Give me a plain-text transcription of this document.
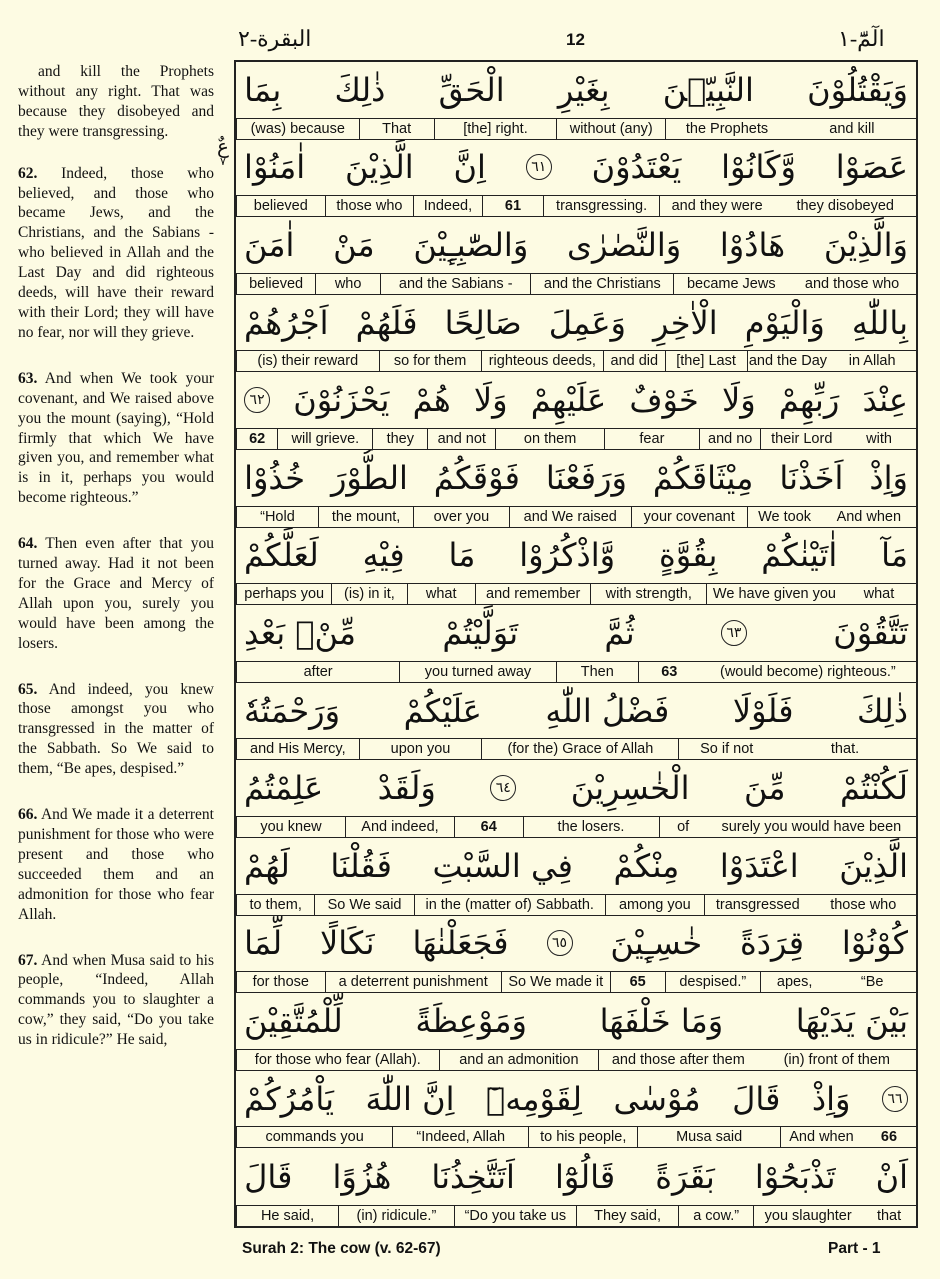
الٓمّٓ-١
12
البقرة-٢

and kill the Prophets without any right. That was because they disobeyed and they were transgressing.

62. Indeed, those who believed, and those who became Jews, and the Christians, and the Sabians - who believed in Allah and the Last Day and did righteous deeds, will have their reward with their Lord; they will have no fear, nor will they grieve.

63. And when We took your covenant, and We raised above you the mount (saying), “Hold firmly that which We have given you, and remember what is in it, perhaps you would become righteous.”

64. Then even after that you turned away. Had it not been for the Grace and Mercy of Allah upon you, surely you would have been among the losers.

65. And indeed, you knew those amongst you who transgressed in the matter of the Sabbath. So We said to them, “Be apes, despised.”

66. And We made it a deterrent punishment for those who were present and those who succeeded them and an admonition for those who fear Allah.

67. And when Musa said to his people, “Indeed, Allah commands you to slaughter a cow,” they said, “Do you take us in ridicule?” He said,

عٌ
٧
وَيَقْتُلُوْنَ
النَّبِيّٖنَ
بِغَيْرِ
الْحَقِّ
ذٰلِكَ
بِمَا
and kill
the Prophets
without (any)
[the] right.
That
(was) because
عَصَوْا
وَّكَانُوْا
يَعْتَدُوْنَ
٦١
اِنَّ
الَّذِيْنَ
اٰمَنُوْا
they disobeyed
and they were
transgressing.
61
Indeed,
those who
believed
وَالَّذِيْنَ
هَادُوْا
وَالنَّصٰرٰى
وَالصّٰبِـِٕيْنَ
مَنْ
اٰمَنَ
and those who
became Jews
and the Christians
and the Sabians -
who
believed
بِاللّٰهِ
وَالْيَوْمِ
الْاٰخِرِ
وَعَمِلَ
صَالِحًا
فَلَهُمْ
اَجْرُهُمْ
in Allah
and the Day
[the] Last
and did
righteous deeds,
so for them
(is) their reward
عِنْدَ
رَبِّهِمْ
وَلَا
خَوْفٌ
عَلَيْهِمْ
وَلَا
هُمْ
يَحْزَنُوْنَ
٦٢
with
their Lord
and no
fear
on them
and not
they
will grieve.
62
وَاِذْ
اَخَذْنَا
مِيْثَاقَكُمْ
وَرَفَعْنَا
فَوْقَكُمُ
الطُّوْرَ
خُذُوْا
And when
We took
your covenant
and We raised
over you
the mount,
“Hold
مَآ
اٰتَيْنٰكُمْ
بِقُوَّةٍ
وَّاذْكُرُوْا
مَا
فِيْهِ
لَعَلَّكُمْ
what
We have given you
with strength,
and remember
what
(is) in it,
perhaps you
تَتَّقُوْنَ
٦٣
ثُمَّ
تَوَلَّيْتُمْ
مِّنْۢ بَعْدِ
(would become) righteous.”
63
Then
you turned away
after
ذٰلِكَ
فَلَوْلَا
فَضْلُ اللّٰهِ
عَلَيْكُمْ
وَرَحْمَتُهٗ
that.
So if not
(for the) Grace of Allah
upon you
and His Mercy,
لَكُنْتُمْ
مِّنَ
الْخٰسِرِيْنَ
٦٤
وَلَقَدْ
عَلِمْتُمُ
surely you would have been
of
the losers.
64
And indeed,
you knew
الَّذِيْنَ
اعْتَدَوْا
مِنْكُمْ
فِي السَّبْتِ
فَقُلْنَا
لَهُمْ
those who
transgressed
among you
in the (matter of) Sabbath.
So We said
to them,
كُوْنُوْا
قِرَدَةً
خٰسِـِٕيْنَ
٦٥
فَجَعَلْنٰهَا
نَكَالًا
لِّمَا
“Be
apes,
despised.”
65
So We made it
a deterrent punishment
for those
بَيْنَ يَدَيْهَا
وَمَا خَلْفَهَا
وَمَوْعِظَةً
لِّلْمُتَّقِيْنَ
(in) front of them
and those after them
and an admonition
for those who fear (Allah).
٦٦
وَاِذْ
قَالَ
مُوْسٰى
لِقَوْمِهٖٓ
اِنَّ اللّٰهَ
يَاْمُرُكُمْ
66
And when
Musa said
to his people,
“Indeed, Allah
commands you
اَنْ
تَذْبَحُوْا
بَقَرَةً
قَالُوْٓا
اَتَتَّخِذُنَا
هُزُوًا
قَالَ
that
you slaughter
a cow.”
They said,
“Do you take us
(in) ridicule.”
He said,
Surah 2: The cow (v. 62-67)	Part - 1
